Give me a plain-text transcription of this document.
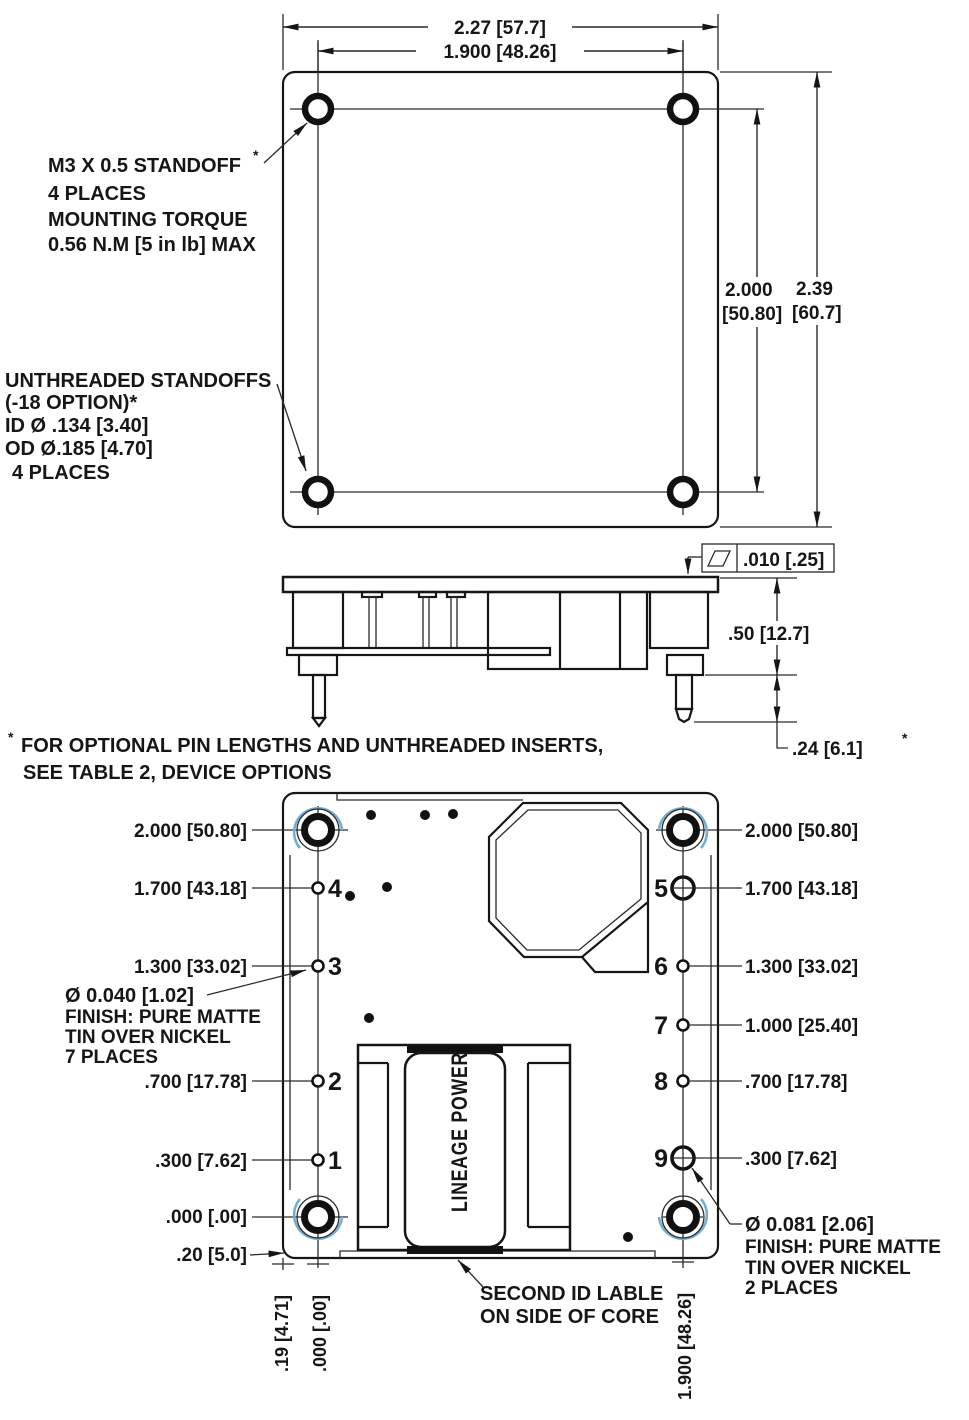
2.27 [57.7]
1.900 [48.26]
2.000
[50.80]
2.39
[60.7]
M3 X 0.5 STANDOFF *
4 PLACES
MOUNTING TORQUE
0.56 N.M [5 in lb] MAX
UNTHREADED STANDOFFS
(-18 OPTION)*
ID Ø .134 [3.40]
OD Ø.185 [4.70]
4 PLACES
.010 [.25]
.50 [12.7]
.24 [6.1]
*
* FOR OPTIONAL PIN LENGTHS AND UNTHREADED INSERTS,
SEE TABLE 2, DEVICE OPTIONS
LINEAGE POWER
4
3
2
1
5
6
7
8
9
2.000 [50.80]
1.700 [43.18]
1.300 [33.02]
.700 [17.78]
.300 [7.62]
.000 [.00]
.20 [5.0]
Ø 0.040 [1.02]
FINISH: PURE MATTE
TIN OVER NICKEL
7 PLACES
2.000 [50.80]
1.700 [43.18]
1.300 [33.02]
1.000 [25.40]
.700 [17.78]
.300 [7.62]
Ø 0.081 [2.06]
FINISH: PURE MATTE
TIN OVER NICKEL
2 PLACES
SECOND ID LABLE
ON SIDE OF CORE
.19 [4.71] .000 [.00]	1.900 [48.26]
